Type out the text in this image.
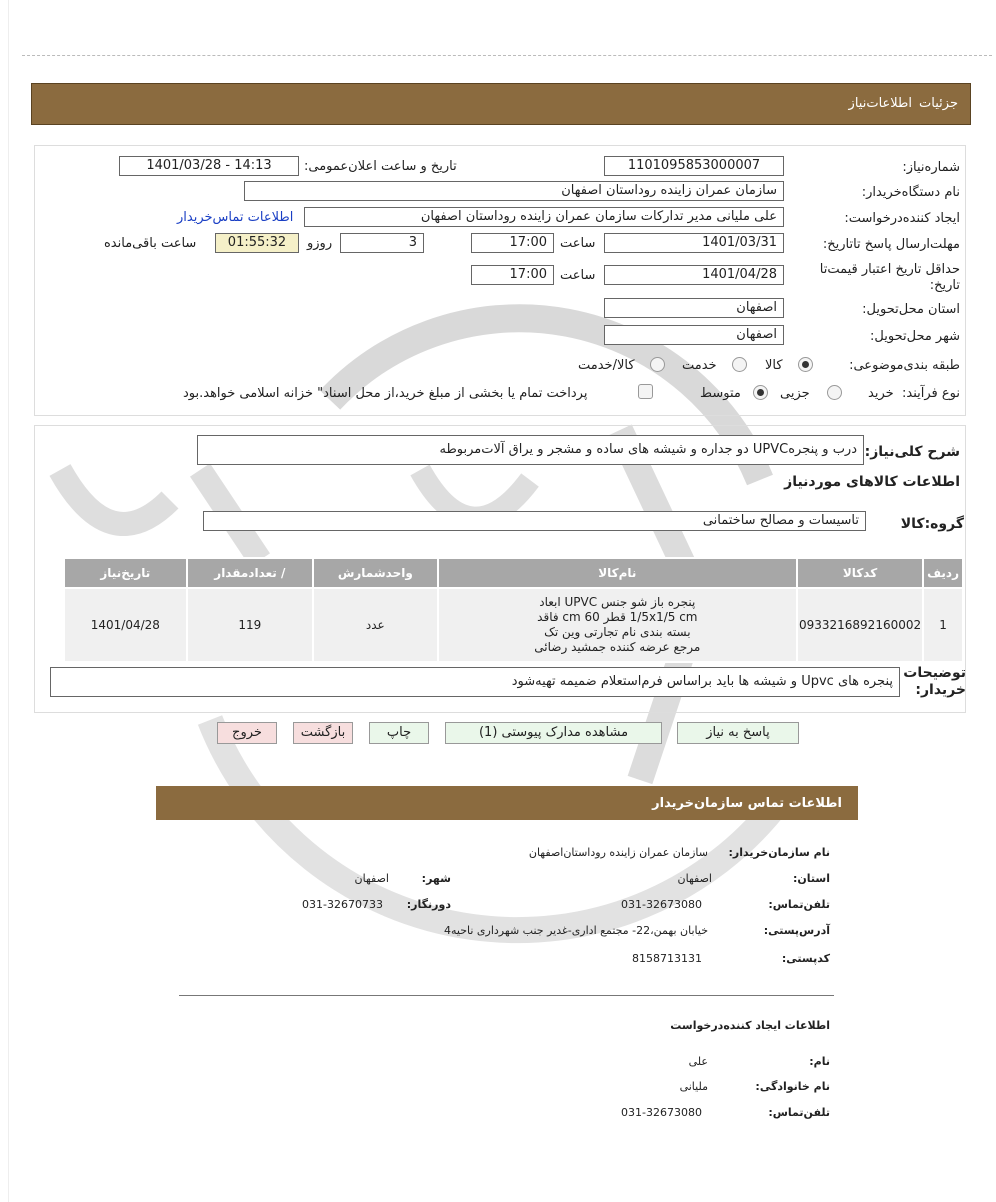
جزئیات
اطلاعات‌نیاز
شماره‌نیاز:
1101095853000007
تاریخ و ساعت اعلان‌عمومی:
1401/03/28 - 14:13
نام دستگاه‌خریدار:
سازمان عمران زاینده روداستان اصفهان
ایجاد کننده‌درخواست:
علی ملیانی مدیر تدارکات سازمان عمران زاینده روداستان اصفهان
اطلاعات تماس‌خریدار
مهلت‌ارسال پاسخ تا‌تاریخ:
1401/03/31
ساعت
17:00
3
روزو
01:55:32
ساعت باقی‌مانده
حداقل تاریخ اعتبار قیمت‌تا تاریخ:
1401/04/28
ساعت
17:00
استان محل‌تحویل:
اصفهان
شهر محل‌تحویل:
اصفهان
طبقه بندی‌موضوعی:
کالا
خدمت
کالا/خدمت
نوع فرآیند:
خرید
جزیی
متوسط
پرداخت تمام یا بخشی از مبلغ خرید،از محل اسناد" خزانه اسلامی خواهد.بود
شرح کلی‌نیاز:
درب و پنجرهUPVC دو جداره و شیشه های ساده و مشجر و یراق آلات‌مربوطه
اطلاعات کالاهای موردنیاز
گروه:کالا
تاسیسات و مصالح ساختمانی
ردیف	کدکالا	نام‌کالا	واحدشمارش	/ تعدادمقدار	تاریخ‌نیاز
1	0933216892160002	پنجره باز شو جنس UPVC ابعاد
1/5x1/5 cm قطر 60 cm فاقد
بسته بندی نام تجارتی وین تک
مرجع عرضه کننده جمشید رضائی	عدد	119	1401/04/28
توضیحات خریدار:
پنجره های Upvc و شیشه ها باید براساس فرم‌استعلام ضمیمه تهیه‌شود
پاسخ به نیاز
مشاهده مدارک پیوستی (1)
چاپ
بازگشت
خروج
اطلاعات تماس سازمان‌خریدار
نام سازمان‌خریدار:
سازمان عمران زاینده روداستان‌اصفهان
استان:
اصفهان
شهر:
اصفهان
تلفن‌تماس:
031-32673080
دورنگار:
031-32670733
آدرس‌پستی:
خیابان بهمن،22- مجتمع اداری-غدیر جنب شهرداری ناحیه4
کد‌پستی:
8158713131
اطلاعات ایجاد کننده‌درخواست
نام:
علی
نام خانوادگی:
ملیانی
تلفن‌تماس:
031-32673080
